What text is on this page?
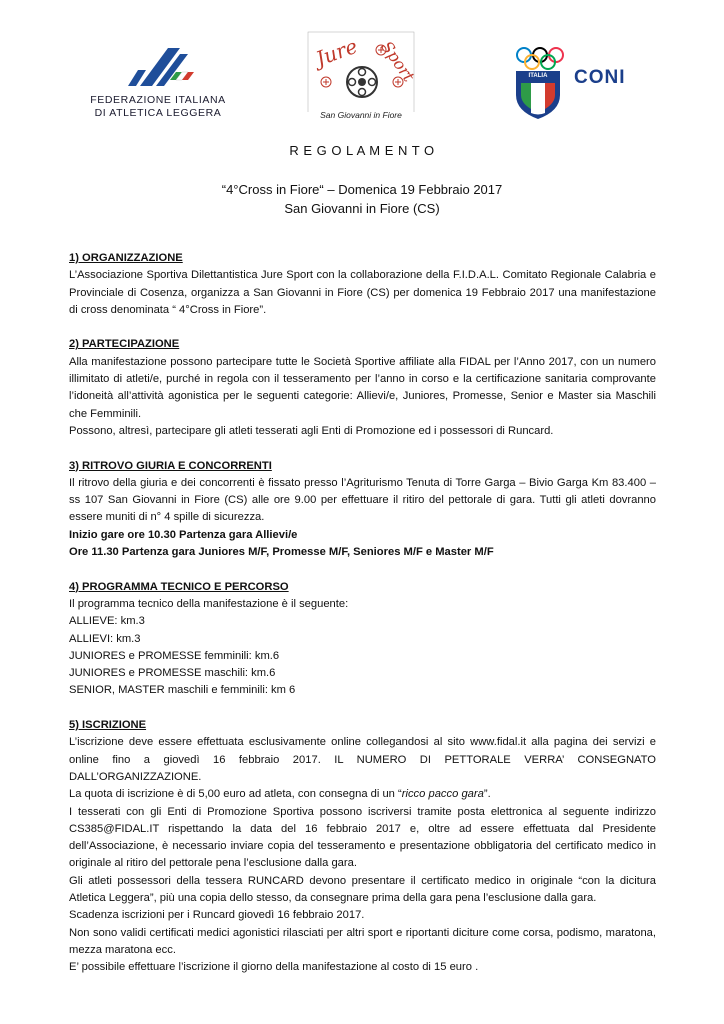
FEDERAZIONE ITALIANA
DI ATLETICA LEGGERA
Jure Sport
San Giovanni in Fiore
ITALIA	CONI
R E G O L A M E N T O
“4°Cross in Fiore“ – Domenica 19 Febbraio 2017
San Giovanni in Fiore (CS)

1) ORGANIZZAZIONE

L’Associazione Sportiva Dilettantistica Jure Sport con la collaborazione della F.I.D.A.L. Comitato Regionale Calabria e Provinciale di Cosenza, organizza a San Giovanni in Fiore (CS) per domenica 19 Febbraio 2017 una manifestazione di cross denominata “ 4°Cross in Fiore”.

2) PARTECIPAZIONE

Alla manifestazione possono partecipare tutte le Società Sportive affiliate alla FIDAL per l’Anno 2017, con un numero illimitato di atleti/e, purché in regola con il tesseramento per l’anno in corso e la certificazione sanitaria comprovante l’idoneità all’attività agonistica per le seguenti categorie: Allievi/e, Juniores, Promesse, Senior e Master sia Maschili che Femminili.

Possono, altresì, partecipare gli atleti tesserati agli Enti di Promozione ed i possessori di Runcard.

3) RITROVO GIURIA E CONCORRENTI

Il ritrovo della giuria e dei concorrenti è fissato presso l’Agriturismo Tenuta di Torre Garga – Bivio Garga Km 83.400 – ss 107 San Giovanni in Fiore (CS) alle ore 9.00 per effettuare il ritiro del pettorale di gara. Tutti gli atleti dovranno essere muniti di n° 4 spille di sicurezza.

Inizio gare ore 10.30 Partenza gara Allievi/e

Ore 11.30 Partenza gara Juniores M/F, Promesse M/F, Seniores M/F e Master M/F

4) PROGRAMMA TECNICO E PERCORSO

Il programma tecnico della manifestazione è il seguente:

ALLIEVE: km.3

ALLIEVI: km.3

JUNIORES e PROMESSE femminili: km.6

JUNIORES e PROMESSE maschili: km.6

SENIOR, MASTER maschili e femminili: km 6

5) ISCRIZIONE

L’iscrizione deve essere effettuata esclusivamente online collegandosi al sito www.fidal.it alla pagina dei servizi e online fino a giovedì 16 febbraio 2017. IL NUMERO DI PETTORALE VERRA’ CONSEGNATO DALL’ORGANIZZAZIONE.

La quota di iscrizione è di 5,00 euro ad atleta, con consegna di un “ricco pacco gara”.

I tesserati con gli Enti di Promozione Sportiva possono iscriversi tramite posta elettronica al seguente indirizzo CS385@FIDAL.IT rispettando la data del 16 febbraio 2017 e, oltre ad essere effettuata dal Presidente dell’Associazione, è necessario inviare copia del tesseramento e presentazione obbligatoria del certificato medico in originale al ritiro del pettorale pena l’esclusione dalla gara.

Gli atleti possessori della tessera RUNCARD devono presentare il certificato medico in originale “con la dicitura Atletica Leggera”, più una copia dello stesso, da consegnare prima della gara pena l’esclusione dalla gara.

Scadenza iscrizioni per i Runcard giovedì 16 febbraio 2017.

Non sono validi certificati medici agonistici rilasciati per altri sport e riportanti diciture come corsa, podismo, maratona, mezza maratona ecc.

E’ possibile effettuare l’iscrizione il giorno della manifestazione al costo di 15 euro .
